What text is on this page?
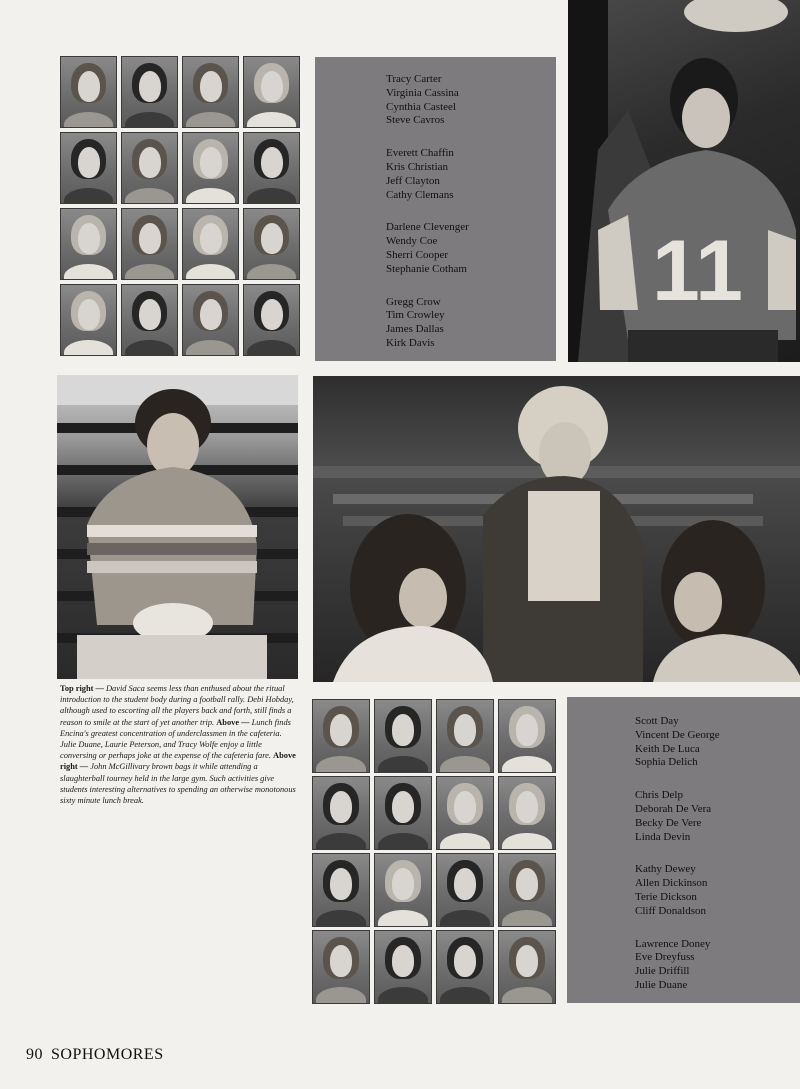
Tracy Carter
Virginia Cassina
Cynthia Casteel
Steve Cavros
Everett Chaffin
Kris Christian
Jeff Clayton
Cathy Clemans
Darlene Clevenger
Wendy Coe
Sherri Cooper
Stephanie Cotham
Gregg Crow
Tim Crowley
James Dallas
Kirk Davis
11
Top right — David Saca seems less than enthused about the ritual introduction to the student body during a football rally. Debi Hobday, although used to escorting all the players back and forth, still finds a reason to smile at the start of yet another trip. Above — Lunch finds Encina's greatest concentration of underclassmen in the cafeteria. Julie Duane, Laurie Peterson, and Tracy Wolfe enjoy a little conversing or perhaps joke at the expense of the cafeteria fare. Above right — John McGillivary brown bags it while attending a slaughterball tourney held in the large gym. Such activities give students interesting alternatives to spending an otherwise monotonous sixty minute lunch break.
Scott Day
Vincent De George
Keith De Luca
Sophia Delich
Chris Delp
Deborah De Vera
Becky De Vere
Linda Devin
Kathy Dewey
Allen Dickinson
Terie Dickson
Cliff Donaldson
Lawrence Doney
Eve Dreyfuss
Julie Driffill
Julie Duane
90 SOPHOMORES
